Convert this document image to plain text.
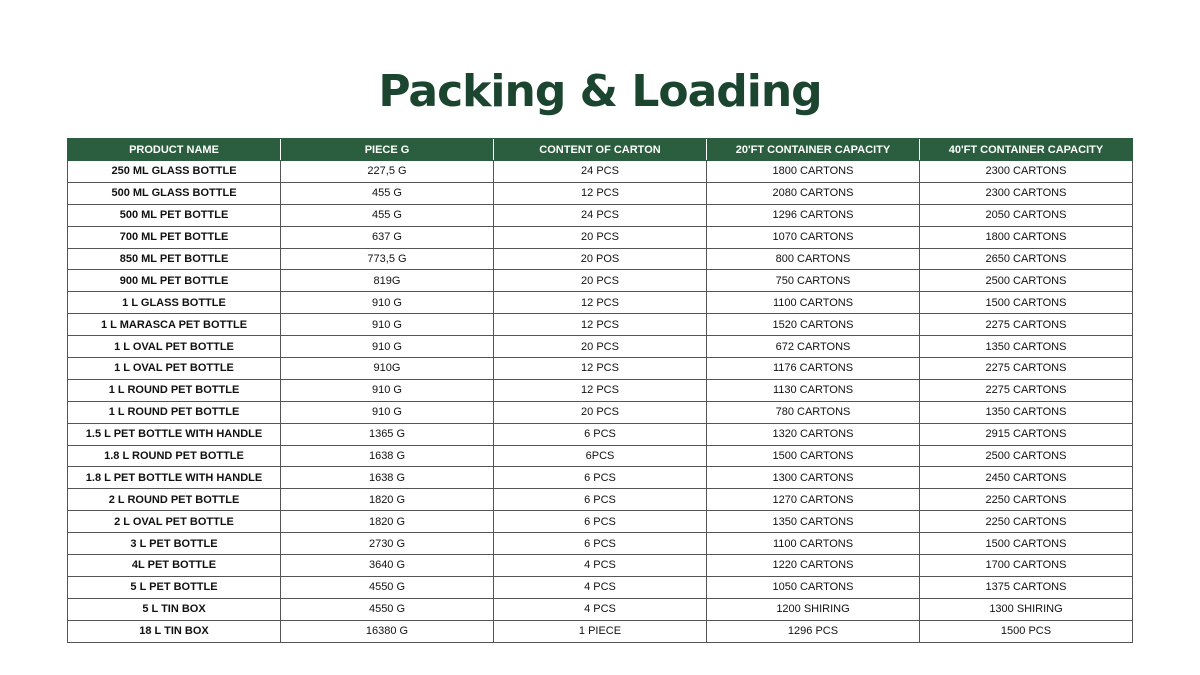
Packing & Loading
PRODUCT NAME	PIECE G	CONTENT OF CARTON	20'FT CONTAINER CAPACITY	40'FT CONTAINER CAPACITY
250 ML GLASS BOTTLE	227,5 G	24 PCS	1800 CARTONS	2300 CARTONS
500 ML GLASS BOTTLE	455 G	12 PCS	2080 CARTONS	2300 CARTONS
500 ML PET BOTTLE	455 G	24 PCS	1296 CARTONS	2050 CARTONS
700 ML PET BOTTLE	637 G	20 PCS	1070 CARTONS	1800 CARTONS
850 ML PET BOTTLE	773,5 G	20 POS	800 CARTONS	2650 CARTONS
900 ML PET BOTTLE	819G	20 PCS	750 CARTONS	2500 CARTONS
1 L GLASS BOTTLE	910 G	12 PCS	1100 CARTONS	1500 CARTONS
1 L MARASCA PET BOTTLE	910 G	12 PCS	1520 CARTONS	2275 CARTONS
1 L OVAL PET BOTTLE	910 G	20 PCS	672 CARTONS	1350 CARTONS
1 L OVAL PET BOTTLE	910G	12 PCS	1176 CARTONS	2275 CARTONS
1 L ROUND PET BOTTLE	910 G	12 PCS	1130 CARTONS	2275 CARTONS
1 L ROUND PET BOTTLE	910 G	20 PCS	780 CARTONS	1350 CARTONS
1.5 L PET BOTTLE WITH HANDLE	1365 G	6 PCS	1320 CARTONS	2915 CARTONS
1.8 L ROUND PET BOTTLE	1638 G	6PCS	1500 CARTONS	2500 CARTONS
1.8 L PET BOTTLE WITH HANDLE	1638 G	6 PCS	1300 CARTONS	2450 CARTONS
2 L ROUND PET BOTTLE	1820 G	6 PCS	1270 CARTONS	2250 CARTONS
2 L OVAL PET BOTTLE	1820 G	6 PCS	1350 CARTONS	2250 CARTONS
3 L PET BOTTLE	2730 G	6 PCS	1100 CARTONS	1500 CARTONS
4L PET BOTTLE	3640 G	4 PCS	1220 CARTONS	1700 CARTONS
5 L PET BOTTLE	4550 G	4 PCS	1050 CARTONS	1375 CARTONS
5 L TIN BOX	4550 G	4 PCS	1200 SHIRING	1300 SHIRING
18 L TIN BOX	16380 G	1 PIECE	1296 PCS	1500 PCS
